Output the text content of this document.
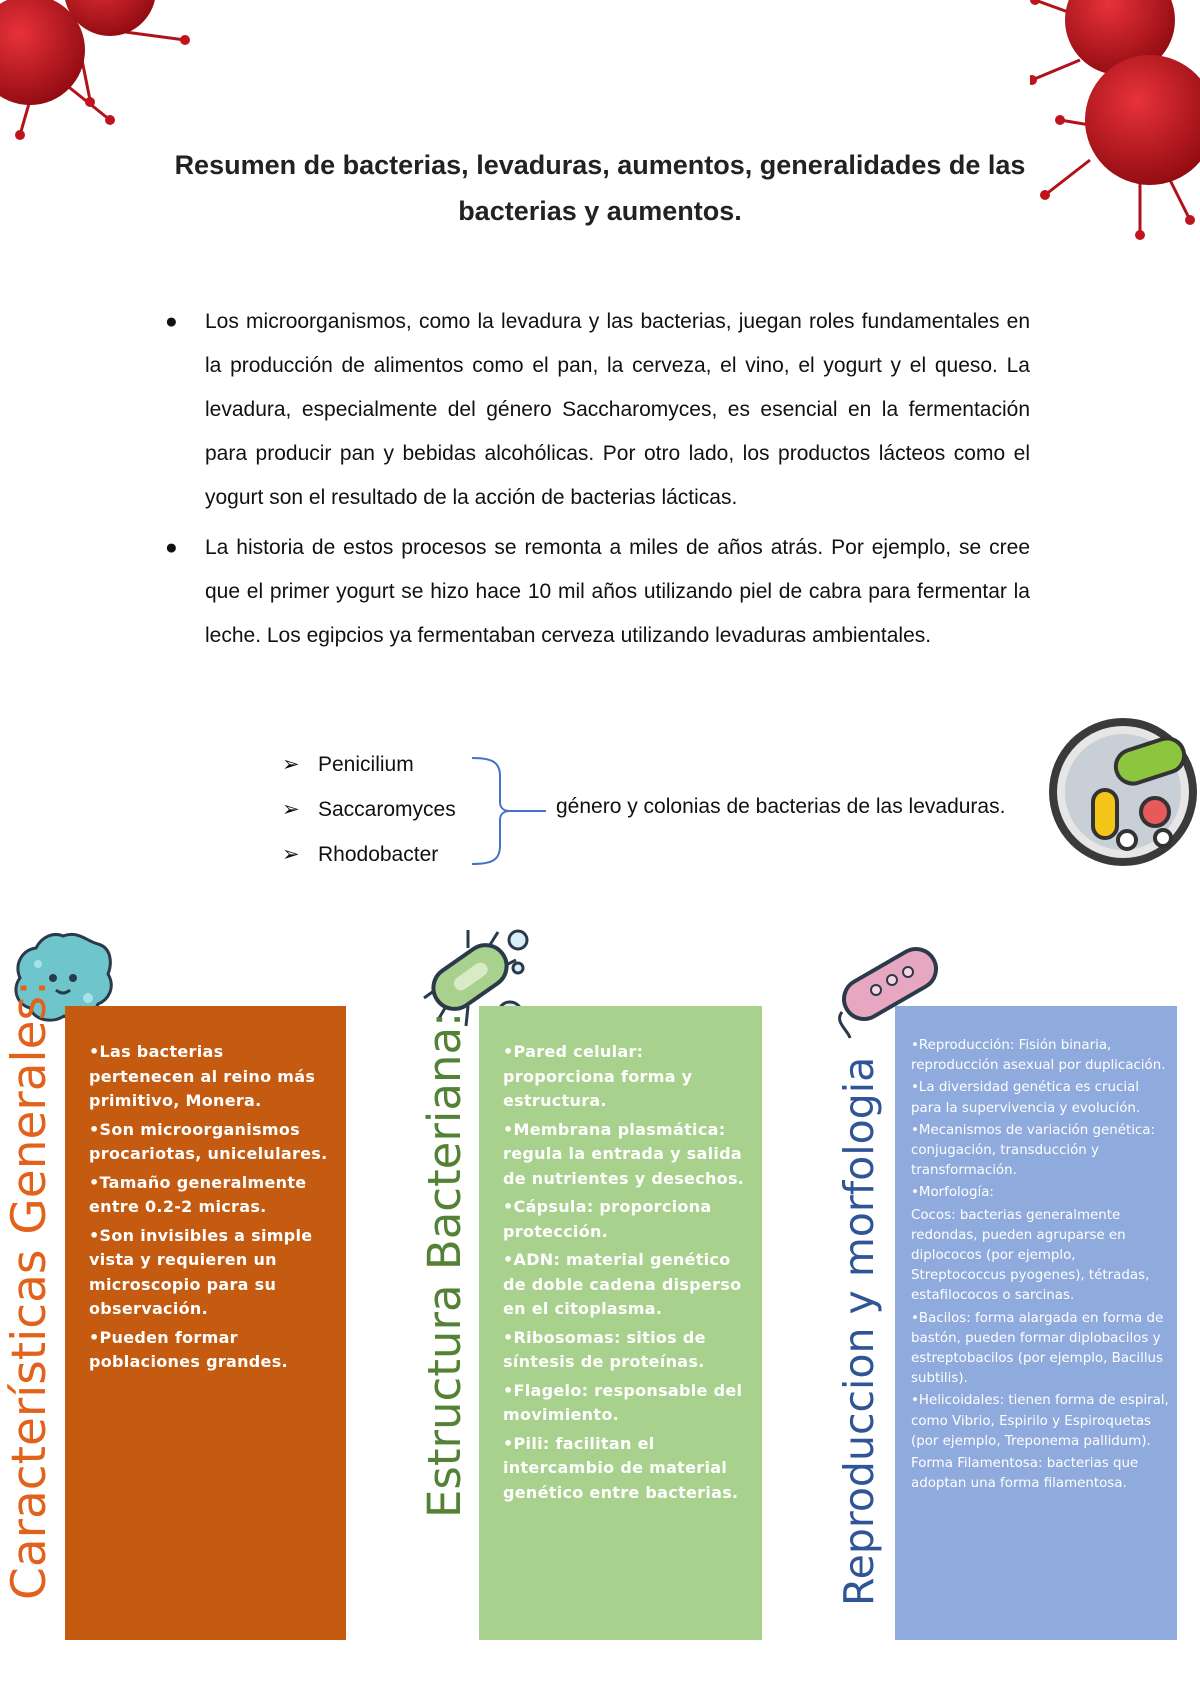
Resumen de bacterias, levaduras, aumentos, generalidades de las bacterias y aumentos.
● Los microorganismos, como la levadura y las bacterias, juegan roles fundamentales en la producción de alimentos como el pan, la cerveza, el vino, el yogurt y el queso. La levadura, especialmente del género Saccharomyces, es esencial en la fermentación para producir pan y bebidas alcohólicas. Por otro lado, los productos lácteos como el yogurt son el resultado de la acción de bacterias lácticas.
● La historia de estos procesos se remonta a miles de años atrás. Por ejemplo, se cree que el primer yogurt se hizo hace 10 mil años utilizando piel de cabra para fermentar la leche. Los egipcios ya fermentaban cerveza utilizando levaduras ambientales.
➢ Penicilium
➢ Saccaromyces
➢ Rhodobacter
género y colonias de bacterias de las levaduras.
Características Generales: •Las bacterias pertenecen al reino más primitivo, Monera.
•Son microorganismos procariotas, unicelulares.
•Tamaño generalmente entre 0.2-2 micras.
•Son invisibles a simple vista y requieren un microscopio para su observación.
•Pueden formar poblaciones grandes.	Estructura Bacteriana: •Pared celular: proporciona forma y estructura.
•Membrana plasmática: regula la entrada y salida de nutrientes y desechos.
•Cápsula: proporciona protección.
•ADN: material genético de doble cadena disperso en el citoplasma.
•Ribosomas: sitios de síntesis de proteínas.
•Flagelo: responsable del movimiento.
•Pili: facilitan el intercambio de material genético entre bacterias. Reproduccion y morfologia
•Reproducción: Fisión binaria, reproducción asexual por duplicación.
•La diversidad genética es crucial para la supervivencia y evolución.
•Mecanismos de variación genética: conjugación, transducción y transformación.
•Morfología:
Cocos: bacterias generalmente redondas, pueden agruparse en diplococos (por ejemplo, Streptococcus pyogenes), tétradas, estafilococos o sarcinas.
•Bacilos: forma alargada en forma de bastón, pueden formar diplobacilos y estreptobacilos (por ejemplo, Bacillus subtilis).
•Helicoidales: tienen forma de espiral, como Vibrio, Espirilo y Espiroquetas (por ejemplo, Treponema pallidum).
Forma Filamentosa: bacterias que adoptan una forma filamentosa.
